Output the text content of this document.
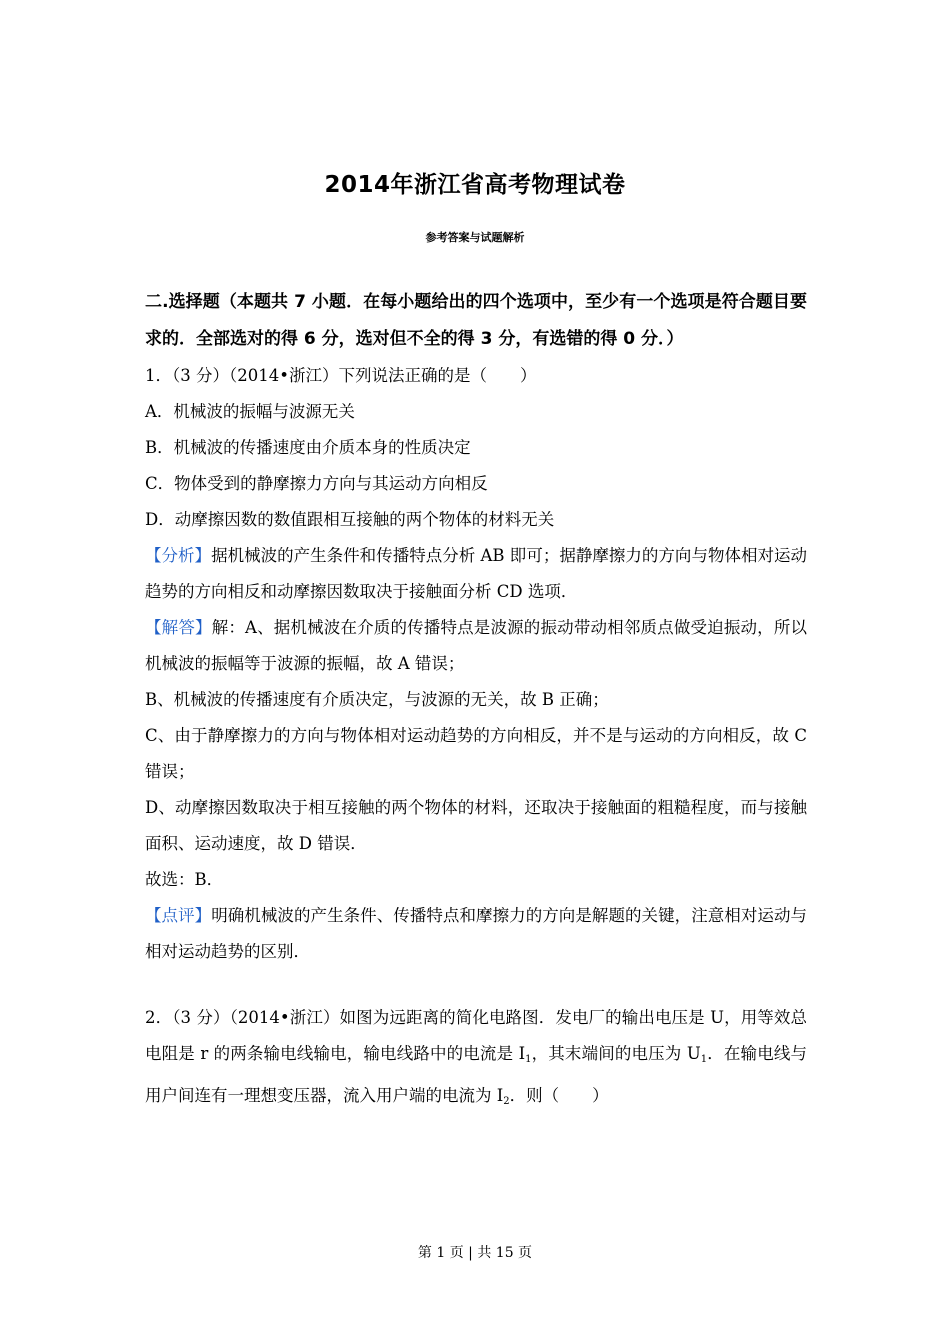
2014年浙江省高考物理试卷
参考答案与试题解析
二.选择题（本题共 7 小题．在每小题给出的四个选项中，至少有一个选项是符合题目要求的．全部选对的得 6 分，选对但不全的得 3 分，有选错的得 0 分．）
1．（3 分）（2014•浙江）下列说法正确的是（　　）
A．机械波的振幅与波源无关
B．机械波的传播速度由介质本身的性质决定
C．物体受到的静摩擦力方向与其运动方向相反
D．动摩擦因数的数值跟相互接触的两个物体的材料无关
【分析】据机械波的产生条件和传播特点分析 AB 即可；据静摩擦力的方向与物体相对运动趋势的方向相反和动摩擦因数取决于接触面分析 CD 选项．
【解答】解：A、据机械波在介质的传播特点是波源的振动带动相邻质点做受迫振动，所以机械波的振幅等于波源的振幅，故 A 错误；
B、机械波的传播速度有介质决定，与波源的无关，故 B 正确；
C、由于静摩擦力的方向与物体相对运动趋势的方向相反，并不是与运动的方向相反，故 C 错误；
D、动摩擦因数取决于相互接触的两个物体的材料，还取决于接触面的粗糙程度，而与接触面积、运动速度，故 D 错误．
故选：B．
【点评】明确机械波的产生条件、传播特点和摩擦力的方向是解题的关键，注意相对运动与相对运动趋势的区别．
2．（3 分）（2014•浙江）如图为远距离的简化电路图．发电厂的输出电压是 U，用等效总电阻是 r 的两条输电线输电，输电线路中的电流是 $I_1$，其末端间的电压为 $U_1$．在输电线与用户间连有一理想变压器，流入用户端的电流为 $I_2$．则（　　）
第 1 页 | 共 15 页
